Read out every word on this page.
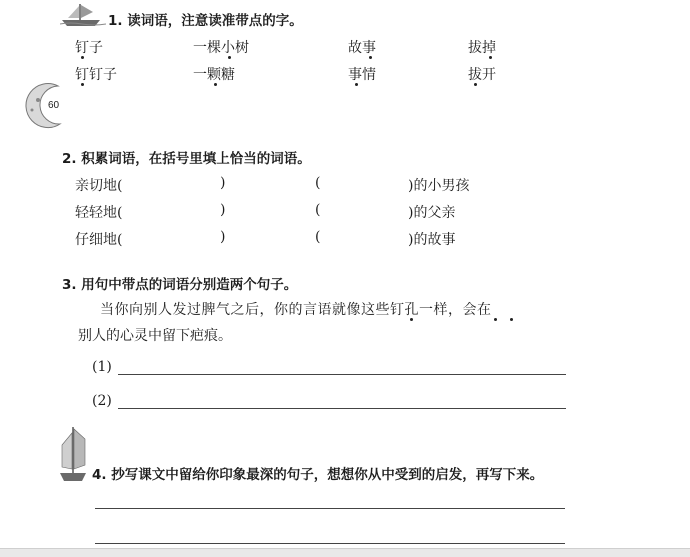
60
1. 读词语，注意读准带点的字。
钉子	一棵小树	故事	拔掉
钉钉子	一颗糖	事情	拔开
2. 积累词语，在括号里填上恰当的词语。
亲切地(	)	(	)的小男孩
轻轻地(	)	(	)的父亲
仔细地(	)	(	)的故事
3. 用句中带点的词语分别造两个句子。
当你向别人发过脾气之后，你的言语就像这些钉孔一样，会在
别人的心灵中留下疤痕。
(1)
(2)
4. 抄写课文中留给你印象最深的句子，想想你从中受到的启发，再写下来。
